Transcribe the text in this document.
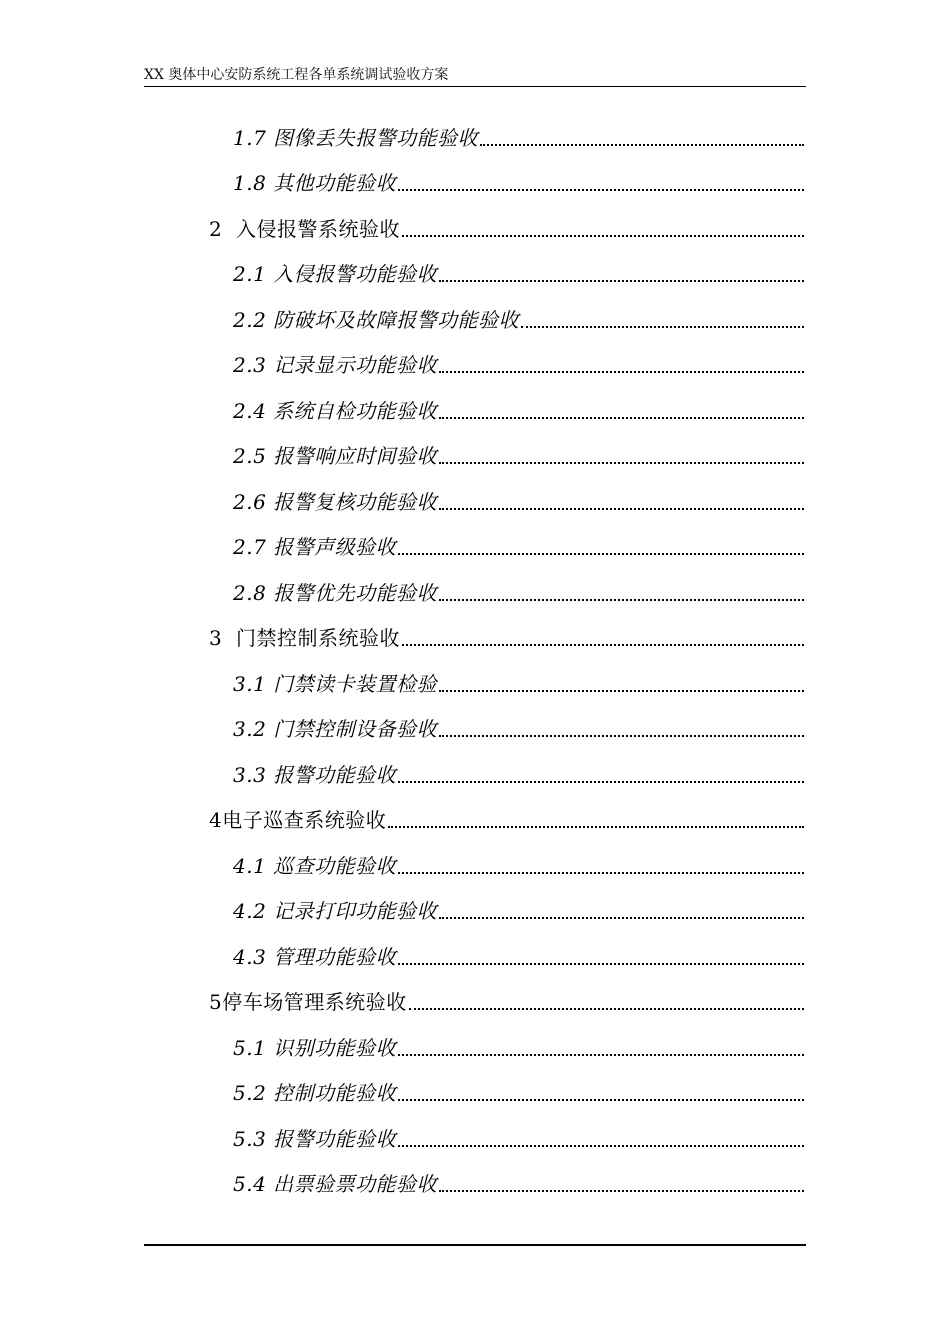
XX 奥体中心安防系统工程各单系统调试验收方案
1.7 图像丢失报警功能验收
1.8 其他功能验收
2 入侵报警系统验收
2.1 入侵报警功能验收
2.2 防破坏及故障报警功能验收
2.3 记录显示功能验收
2.4 系统自检功能验收
2.5 报警响应时间验收
2.6 报警复核功能验收
2.7 报警声级验收
2.8 报警优先功能验收
3 门禁控制系统验收
3.1 门禁读卡装置检验
3.2 门禁控制设备验收
3.3 报警功能验收
4电子巡查系统验收
4.1 巡查功能验收
4.2 记录打印功能验收
4.3 管理功能验收
5停车场管理系统验收
5.1 识别功能验收
5.2 控制功能验收
5.3 报警功能验收
5.4 出票验票功能验收
